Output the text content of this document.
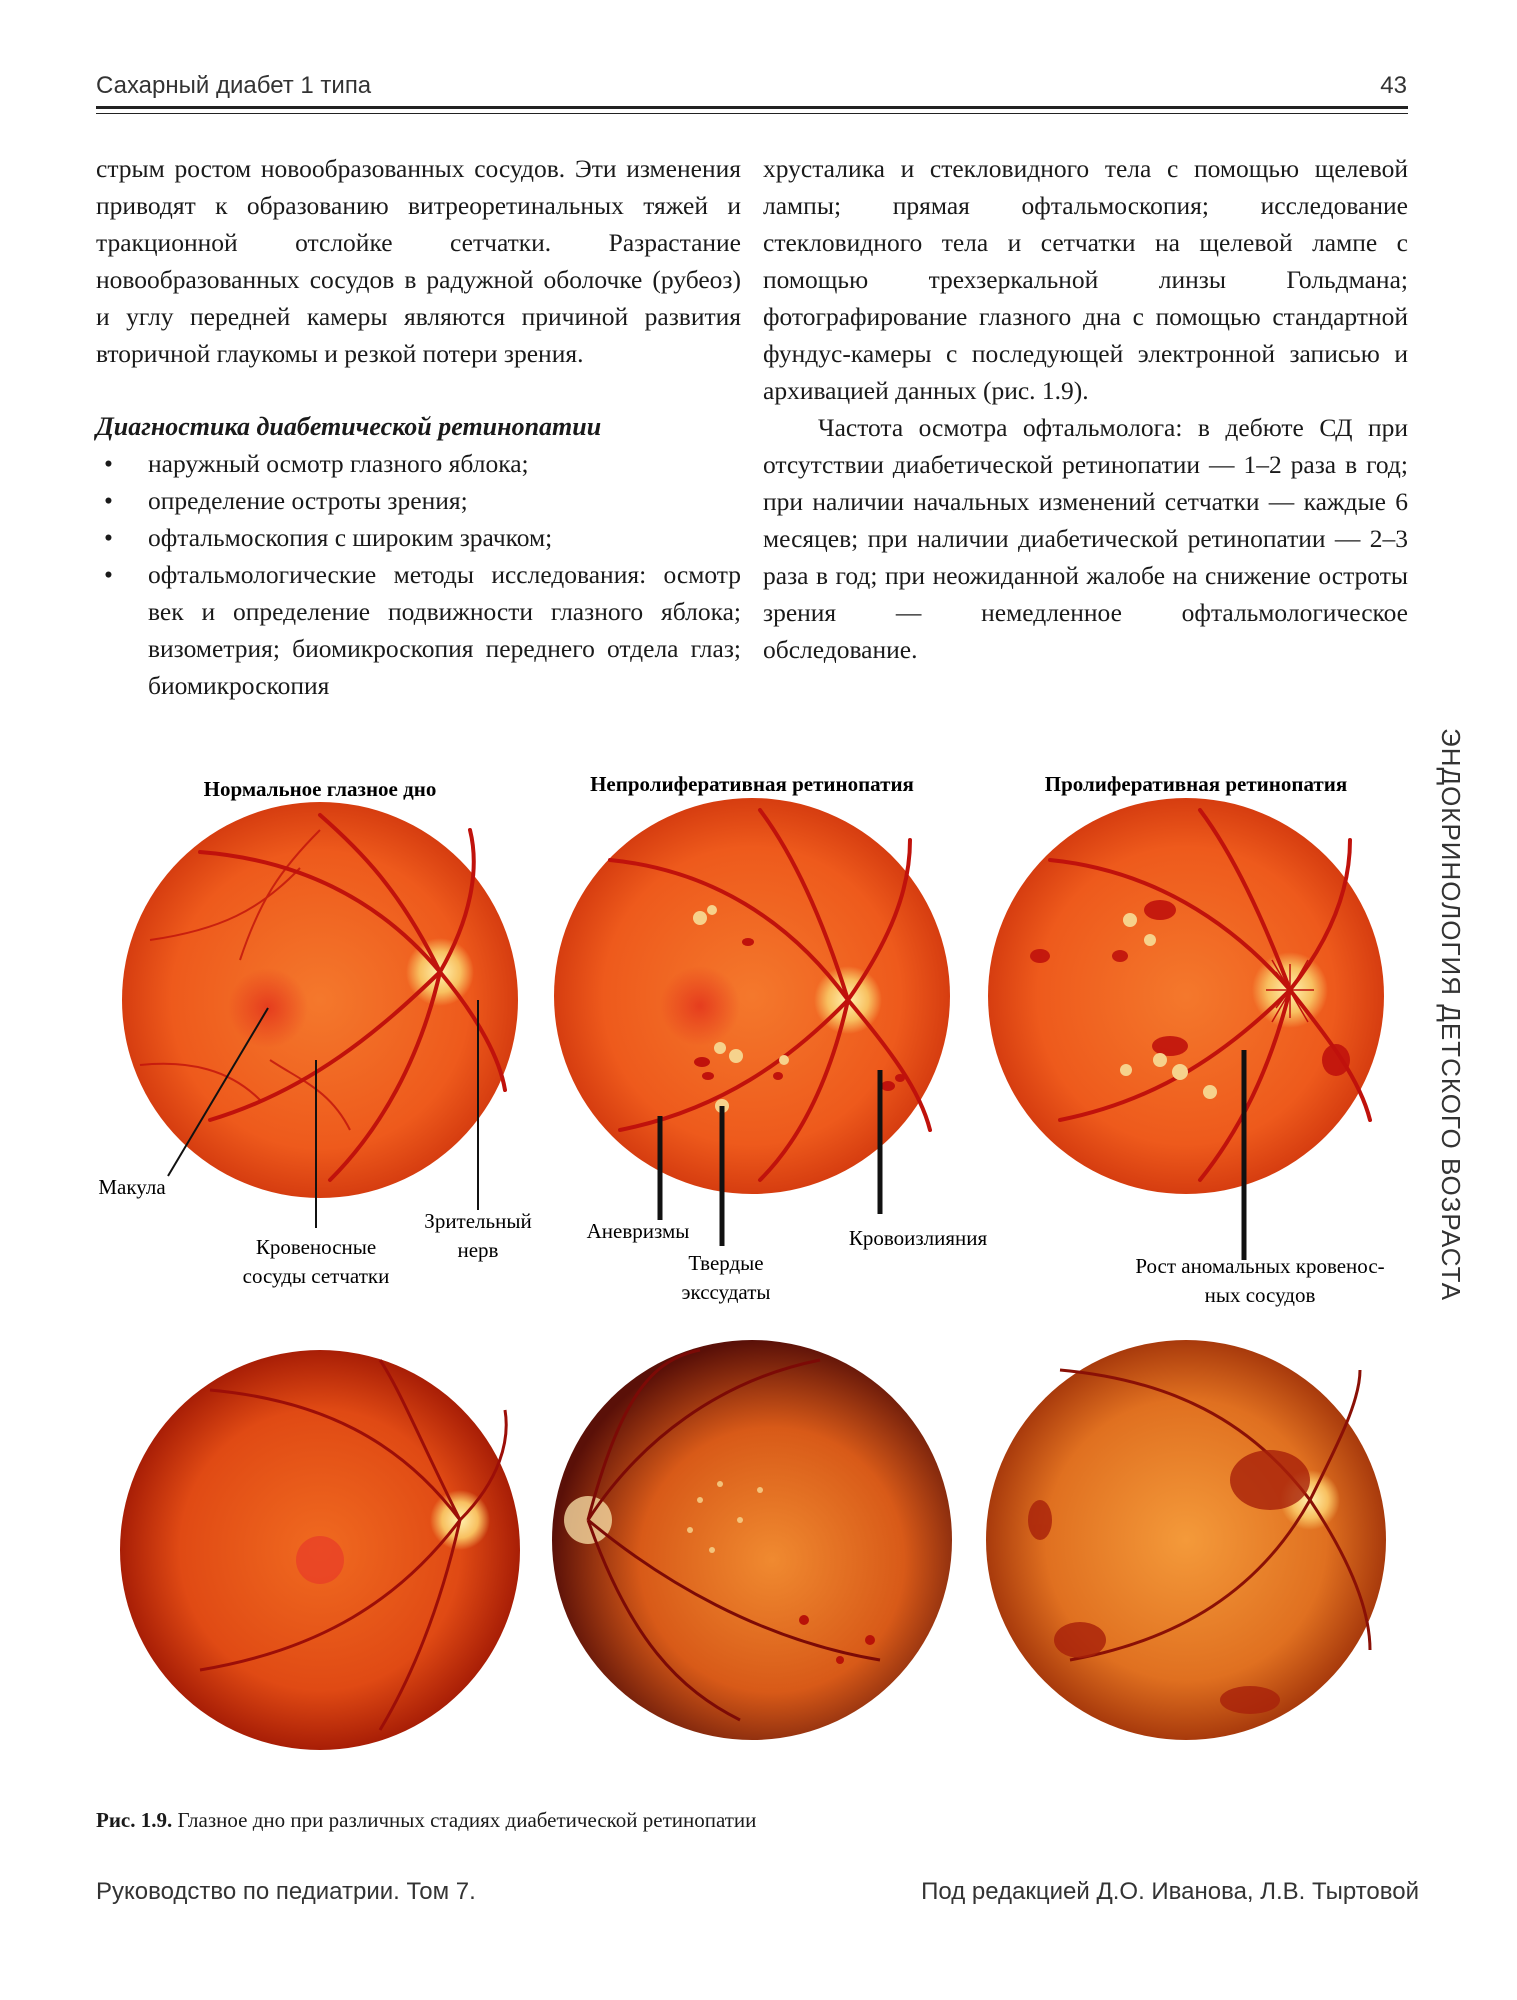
Сахарный диабет 1 типа	43

стрым ростом новообразованных сосудов. Эти изменения приводят к образованию витреоретинальных тяжей и тракционной отслойке сетчатки. Разрастание новообразованных сосудов в радужной оболочке (рубеоз) и углу передней камеры являются причиной развития вторичной глаукомы и резкой потери зрения.

Диагностика диабетической ретинопатии

• наружный осмотр глазного яблока;
• определение остроты зрения;
• офтальмоскопия с широким зрачком;
• офтальмологические методы исследования: осмотр век и определение подвижности глазного яблока; визометрия; биомикроскопия переднего отдела глаз; биомикроскопия

хрусталика и стекловидного тела с помощью щелевой лампы; прямая офтальмоскопия; исследование стекловидного тела и сетчатки на щелевой лампе с помощью трехзеркальной линзы Гольдмана; фотографирование глазного дна с помощью стандартной фундус-камеры с последующей электронной записью и архивацией данных (рис. 1.9).

Частота осмотра офтальмолога: в дебюте СД при отсутствии диабетической ретинопатии — 1–2 раза в год; при наличии начальных изменений сетчатки — каждые 6 месяцев; при наличии диабетической ретинопатии — 2–3 раза в год; при неожиданной жалобе на снижение остроты зрения — немедленное офтальмологическое обследование.

ЭНДОКРИНОЛОГИЯ ДЕТСКОГО ВОЗРАСТА
Нормальное глазное дно	Непролиферативная ретинопатия	Пролиферативная ретинопатия
Макула
Кровеносные
сосуды сетчатки
Зрительный
нерв
Аневризмы
Твердые
экссудаты
Кровоизлияния
Рост аномальных кровенос-
ных сосудов
Рис. 1.9. Глазное дно при различных стадиях диабетической ретинопатии
Руководство по педиатрии. Том 7.	Под редакцией Д.О. Иванова, Л.В. Тыртовой
